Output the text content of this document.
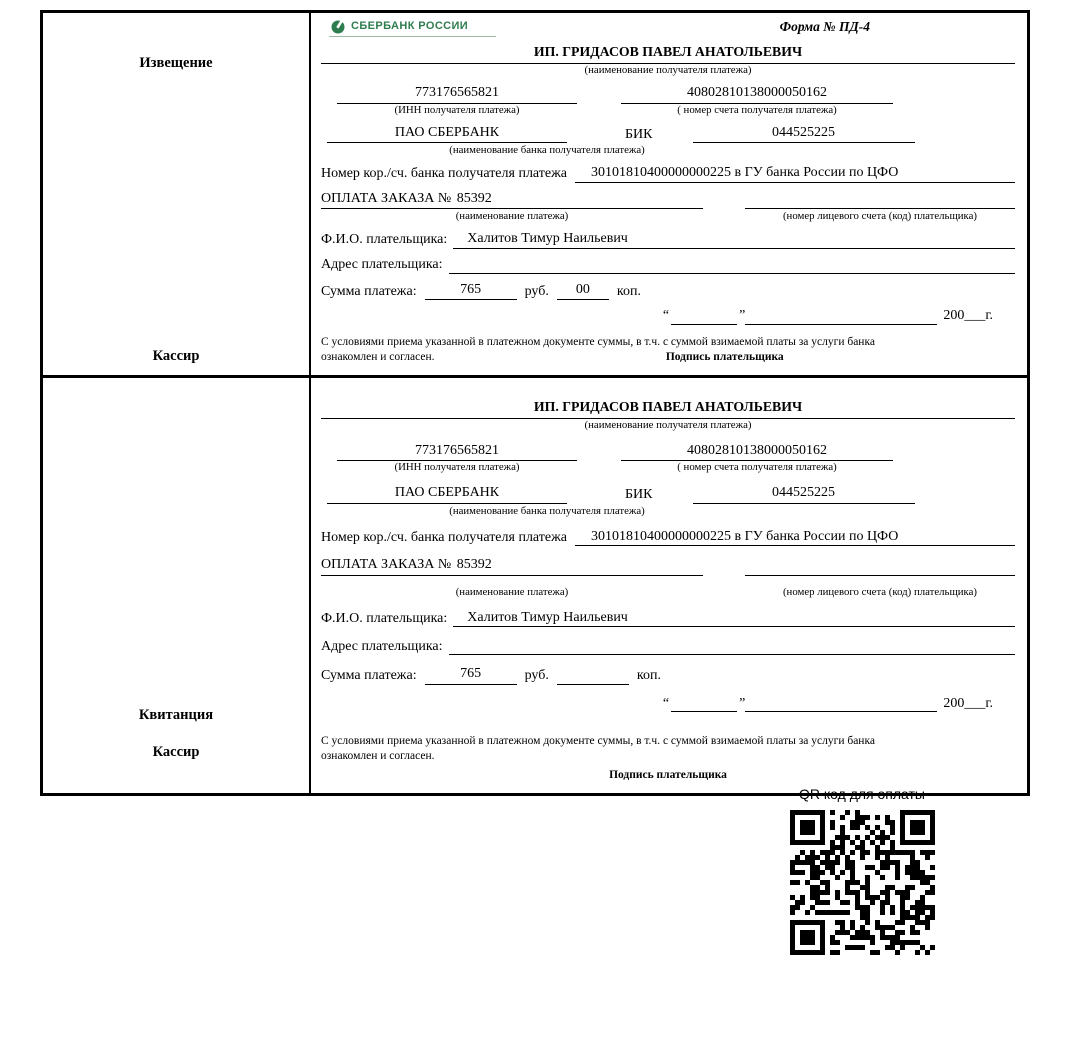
Извещение
Кассир
СБЕРБАНК РОССИИ	Форма № ПД-4
ИП. ГРИДАСОВ ПАВЕЛ АНАТОЛЬЕВИЧ
(наименование получателя платежа)
773176565821
(ИНН получателя платежа)
40802810138000050162
( номер счета получателя платежа)
ПАО СБЕРБАНК	БИК	044525225
(наименование банка получателя платежа)
Номер кор./сч. банка получателя платежа	30101810400000000225 в ГУ банка России по ЦФО
ОПЛАТА ЗАКАЗА № 85392
(наименование платежа)	(номер лицевого счета (код) плательщика)
Ф.И.О. плательщика:	Халитов Тимур Наильевич
Адрес плательщика:
Сумма платежа:	765	руб.	00	коп.
“	”	200___г.
С условиями приема указанной в платежном документе суммы, в т.ч. с суммой взимаемой платы за услуги банка
ознакомлен и согласен.	Подпись плательщика
Квитанция
Кассир
ИП. ГРИДАСОВ ПАВЕЛ АНАТОЛЬЕВИЧ
(наименование получателя платежа)
773176565821
(ИНН получателя платежа)
40802810138000050162
( номер счета получателя платежа)
ПАО СБЕРБАНК	БИК	044525225
(наименование банка получателя платежа)
Номер кор./сч. банка получателя платежа	30101810400000000225 в ГУ банка России по ЦФО
ОПЛАТА ЗАКАЗА № 85392
(наименование платежа)	(номер лицевого счета (код) плательщика)
Ф.И.О. плательщика:	Халитов Тимур Наильевич
Адрес плательщика:
Сумма платежа:	765	руб.	коп.
“	”	200___г.
С условиями приема указанной в платежном документе суммы, в т.ч. с суммой взимаемой платы за услуги банка
ознакомлен и согласен.
Подпись плательщика
QR код для оплаты
